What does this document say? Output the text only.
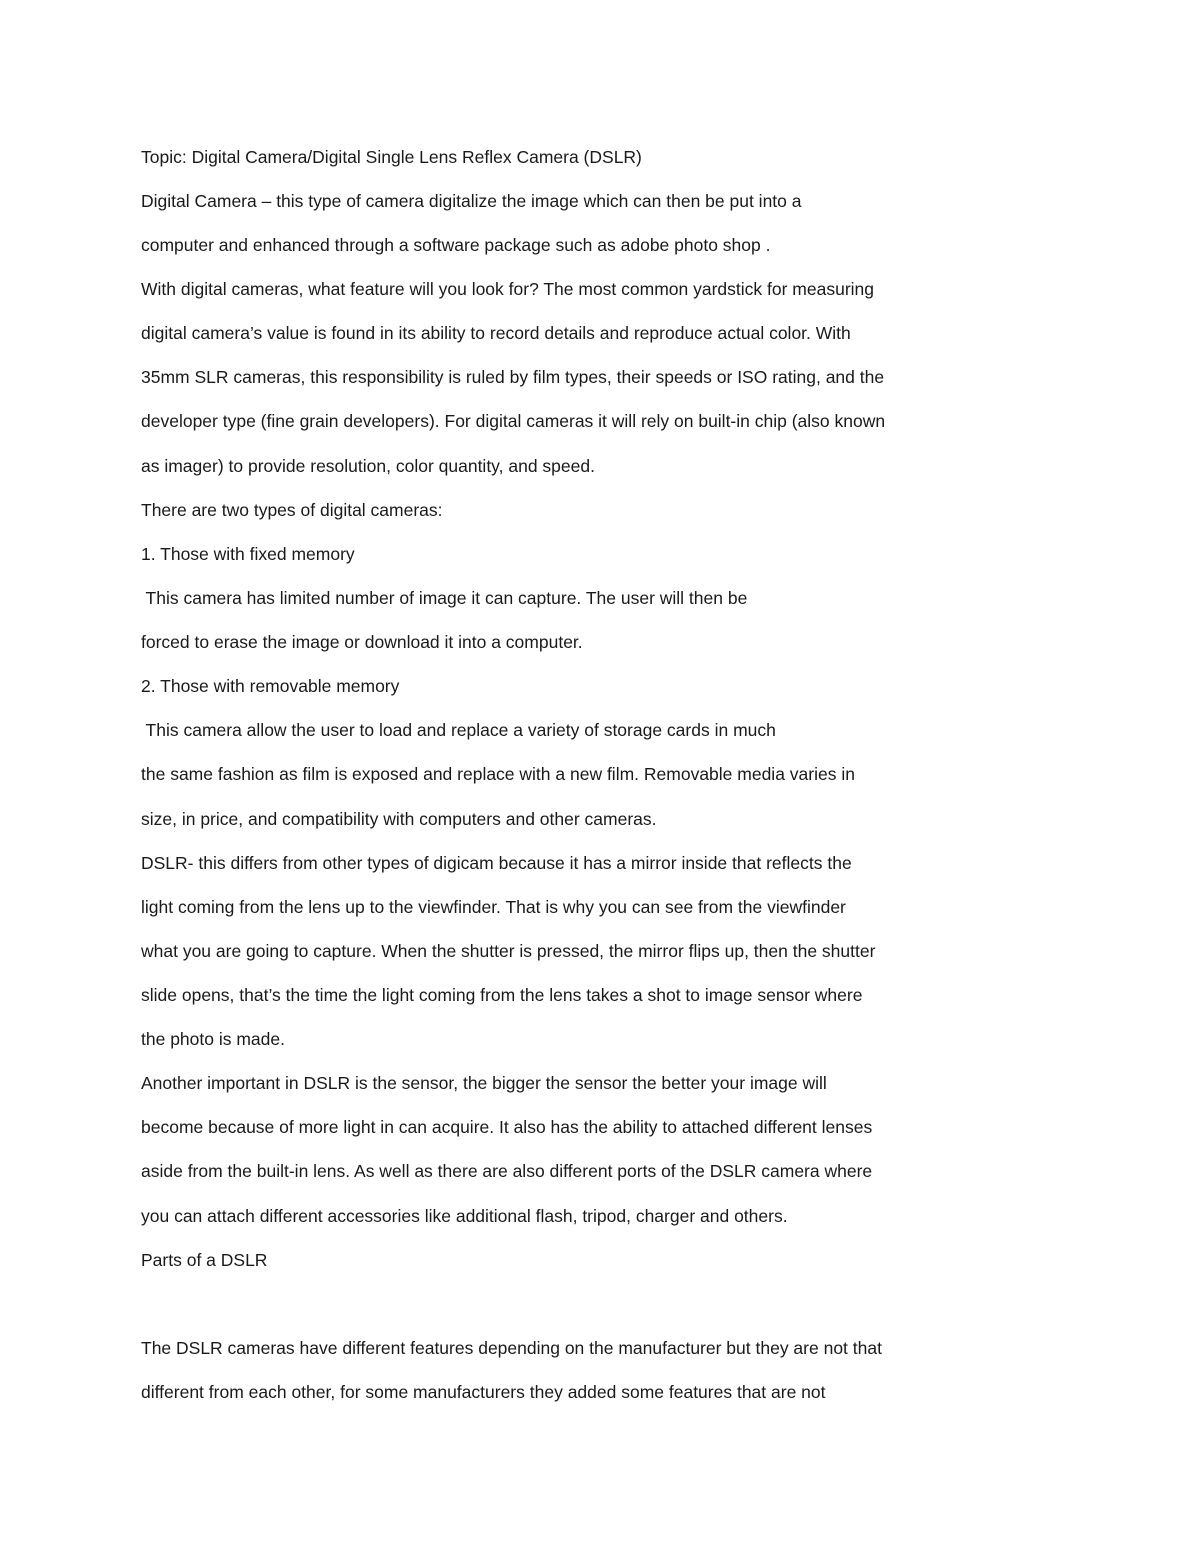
Topic: Digital Camera/Digital Single Lens Reflex Camera (DSLR)
Digital Camera – this type of camera digitalize the image which can then be put into a
computer and enhanced through a software package such as adobe photo shop .
With digital cameras, what feature will you look for? The most common yardstick for measuring
digital camera’s value is found in its ability to record details and reproduce actual color. With
35mm SLR cameras, this responsibility is ruled by film types, their speeds or ISO rating, and the
developer type (fine grain developers). For digital cameras it will rely on built-in chip (also known
as imager) to provide resolution, color quantity, and speed.
There are two types of digital cameras:
1. Those with fixed memory
This camera has limited number of image it can capture. The user will then be
forced to erase the image or download it into a computer.
2. Those with removable memory
This camera allow the user to load and replace a variety of storage cards in much
the same fashion as film is exposed and replace with a new film. Removable media varies in
size, in price, and compatibility with computers and other cameras.
DSLR- this differs from other types of digicam because it has a mirror inside that reflects the
light coming from the lens up to the viewfinder. That is why you can see from the viewfinder
what you are going to capture. When the shutter is pressed, the mirror flips up, then the shutter
slide opens, that’s the time the light coming from the lens takes a shot to image sensor where
the photo is made.
Another important in DSLR is the sensor, the bigger the sensor the better your image will
become because of more light in can acquire. It also has the ability to attached different lenses
aside from the built-in lens. As well as there are also different ports of the DSLR camera where
you can attach different accessories like additional flash, tripod, charger and others.
Parts of a DSLR
The DSLR cameras have different features depending on the manufacturer but they are not that
different from each other, for some manufacturers they added some features that are not
